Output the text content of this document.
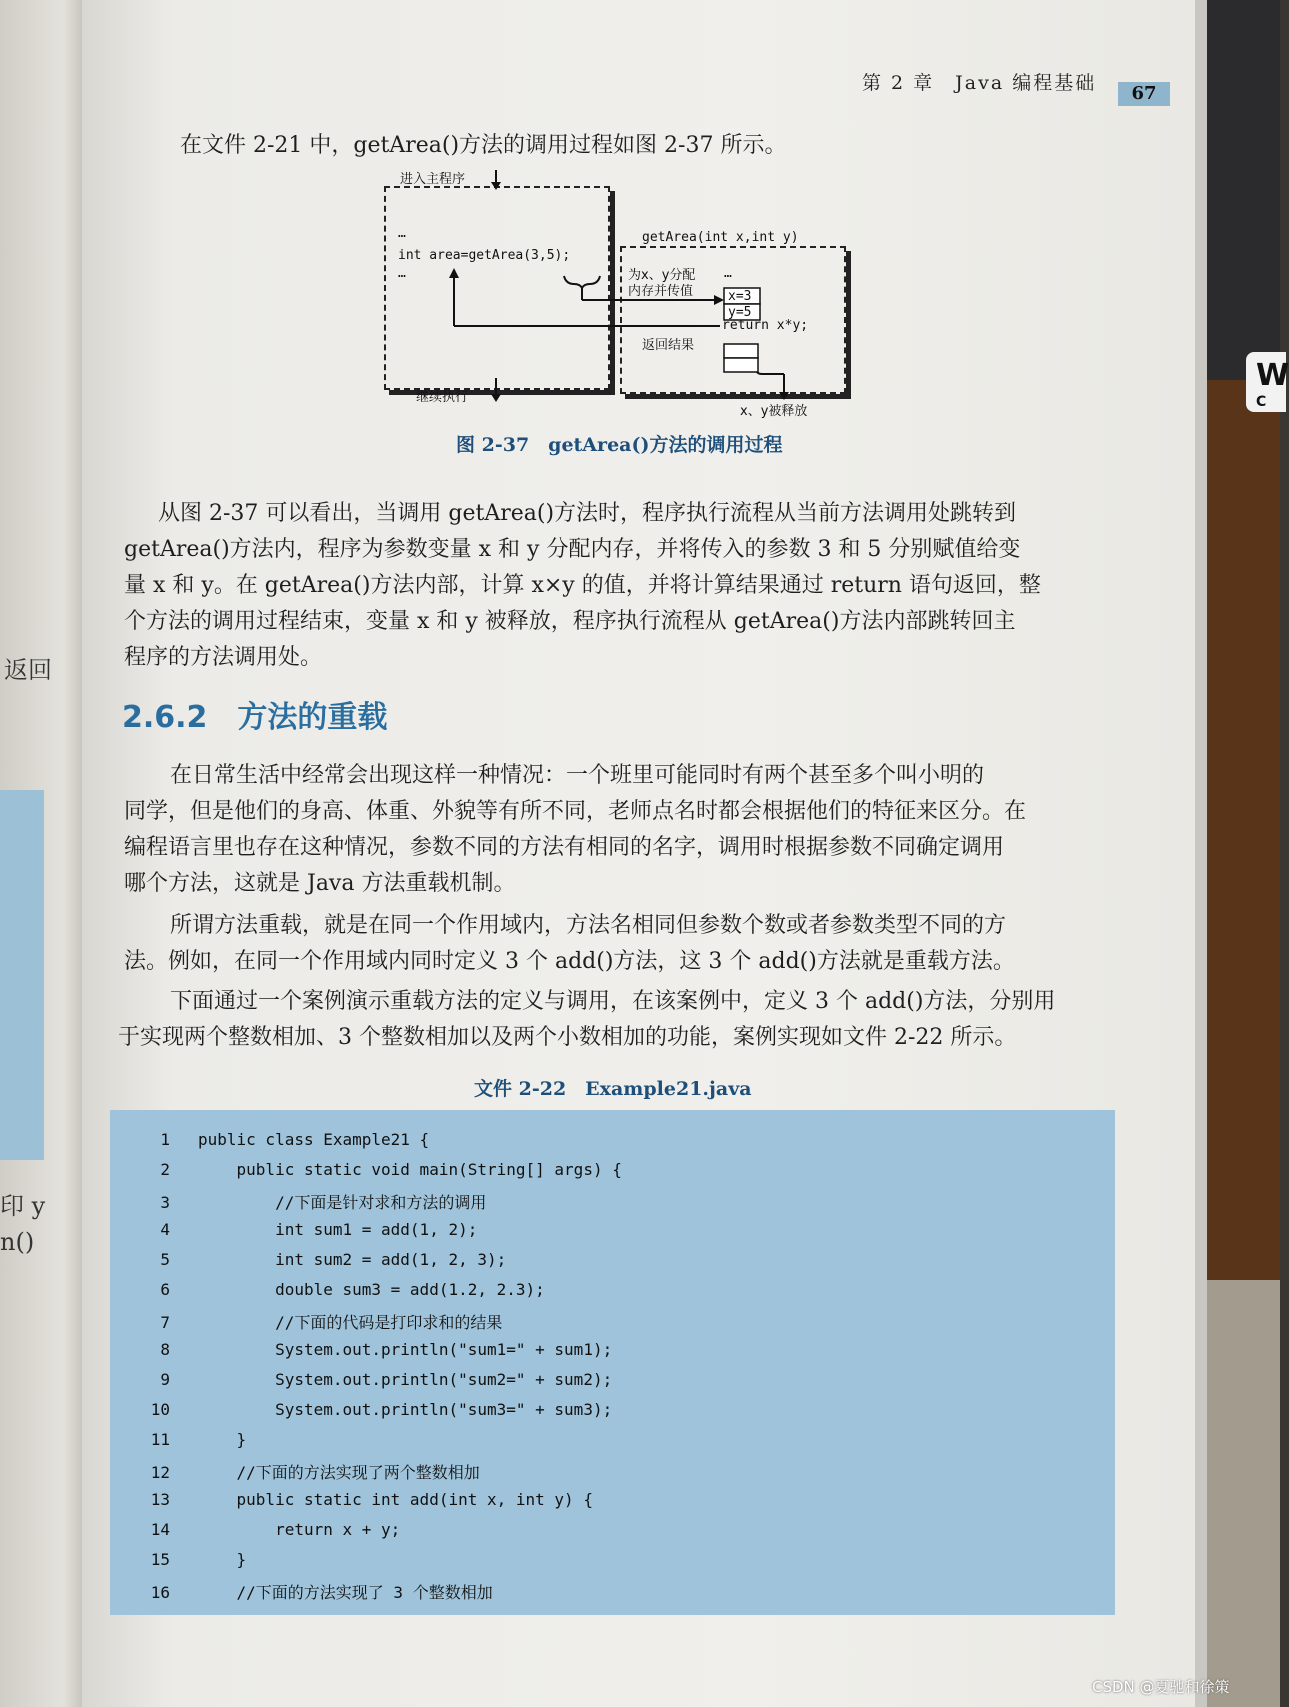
W
C
返回
印 y
n()
第 2 章　Java 编程基础	67
在文件 2-21 中，getArea()方法的调用过程如图 2-37 所示。
进入主程序
继续执行
…
int area=getArea(3,5);
…
getArea(int x,int y)
为x、y分配
内存并传值
…
x=3
y=5
return x*y;
返回结果
x、y被释放
图 2-37　getArea()方法的调用过程
从图 2-37 可以看出，当调用 getArea()方法时，程序执行流程从当前方法调用处跳转到
getArea()方法内，程序为参数变量 x 和 y 分配内存，并将传入的参数 3 和 5 分别赋值给变
量 x 和 y。在 getArea()方法内部，计算 x×y 的值，并将计算结果通过 return 语句返回，整
个方法的调用过程结束，变量 x 和 y 被释放，程序执行流程从 getArea()方法内部跳转回主
程序的方法调用处。
2.6.2　方法的重载
在日常生活中经常会出现这样一种情况：一个班里可能同时有两个甚至多个叫小明的
同学，但是他们的身高、体重、外貌等有所不同，老师点名时都会根据他们的特征来区分。在
编程语言里也存在这种情况，参数不同的方法有相同的名字，调用时根据参数不同确定调用
哪个方法，这就是 Java 方法重载机制。
所谓方法重载，就是在同一个作用域内，方法名相同但参数个数或者参数类型不同的方
法。例如，在同一个作用域内同时定义 3 个 add()方法，这 3 个 add()方法就是重载方法。
下面通过一个案例演示重载方法的定义与调用，在该案例中，定义 3 个 add()方法，分别用
于实现两个整数相加、3 个整数相加以及两个小数相加的功能，案例实现如文件 2-22 所示。
文件 2-22　Example21.java
1 public class Example21 {
2    public static void main(String[] args) {
3        //下面是针对求和方法的调用
4        int sum1 = add(1, 2);
5        int sum2 = add(1, 2, 3);
6        double sum3 = add(1.2, 2.3);
7        //下面的代码是打印求和的结果
8        System.out.println("sum1=" + sum1);
9        System.out.println("sum2=" + sum2);
10        System.out.println("sum3=" + sum3);
11    }
12    //下面的方法实现了两个整数相加
13    public static int add(int x, int y) {
14        return x + y;
15    }
16    //下面的方法实现了 3 个整数相加
CSDN @夏驰和徐策
